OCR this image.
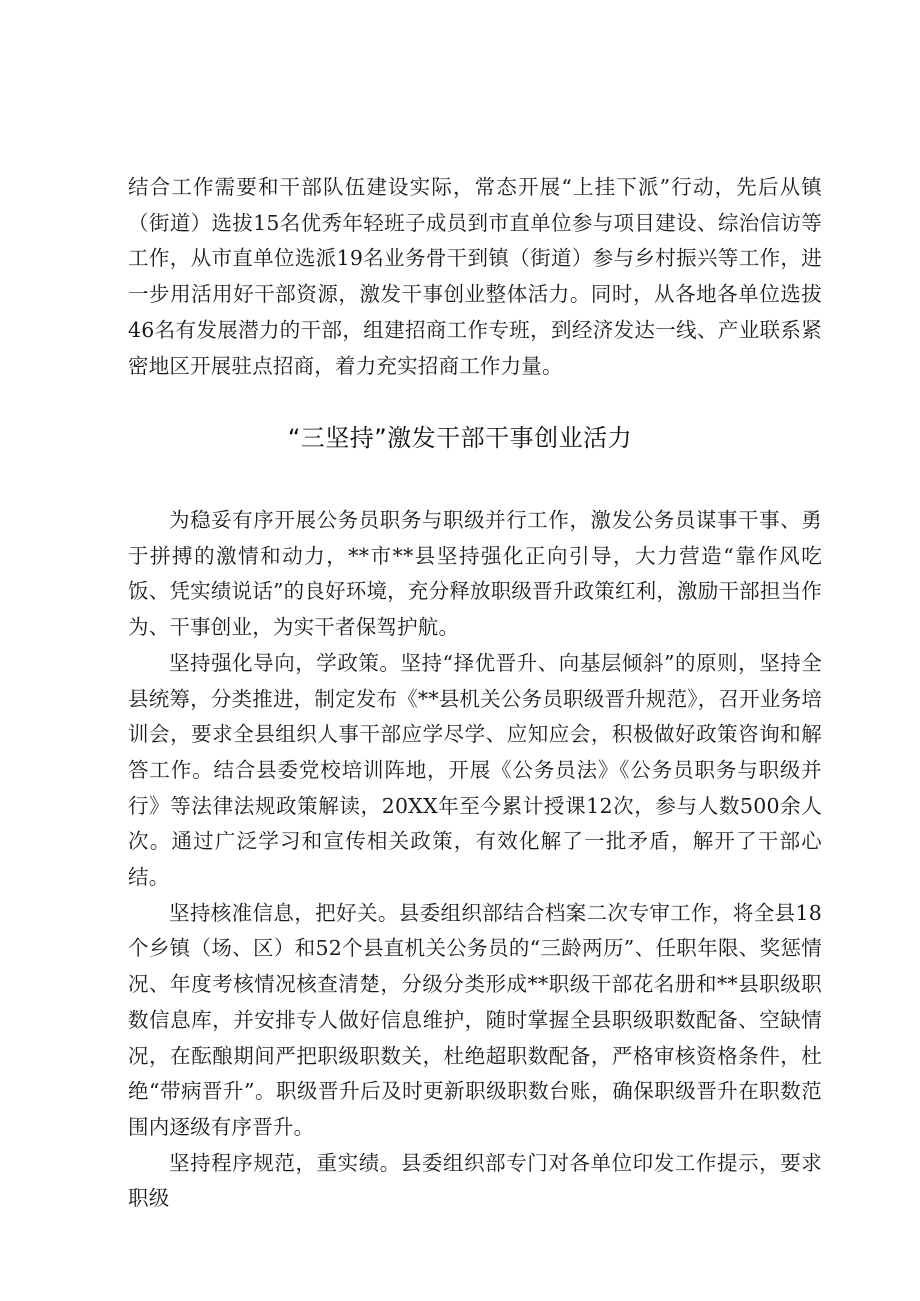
结合工作需要和干部队伍建设实际，常态开展“上挂下派”行动，先后从镇（街道）选拔15名优秀年轻班子成员到市直单位参与项目建设、综治信访等工作，从市直单位选派19名业务骨干到镇（街道）参与乡村振兴等工作，进一步用活用好干部资源，激发干事创业整体活力。同时，从各地各单位选拔46名有发展潜力的干部，组建招商工作专班，到经济发达一线、产业联系紧密地区开展驻点招商，着力充实招商工作力量。

“三坚持”激发干部干事创业活力

为稳妥有序开展公务员职务与职级并行工作，激发公务员谋事干事、勇于拼搏的激情和动力，**市**县坚持强化正向引导，大力营造“靠作风吃饭、凭实绩说话”的良好环境，充分释放职级晋升政策红利，激励干部担当作为、干事创业，为实干者保驾护航。

坚持强化导向，学政策。坚持“择优晋升、向基层倾斜”的原则，坚持全县统筹，分类推进，制定发布《**县机关公务员职级晋升规范》，召开业务培训会，要求全县组织人事干部应学尽学、应知应会，积极做好政策咨询和解答工作。结合县委党校培训阵地，开展《公务员法》《公务员职务与职级并行》等法律法规政策解读，20XX年至今累计授课12次，参与人数500余人次。通过广泛学习和宣传相关政策，有效化解了一批矛盾，解开了干部心结。

坚持核准信息，把好关。县委组织部结合档案二次专审工作，将全县18个乡镇（场、区）和52个县直机关公务员的“三龄两历”、任职年限、奖惩情况、年度考核情况核查清楚，分级分类形成**职级干部花名册和**县职级职数信息库，并安排专人做好信息维护，随时掌握全县职级职数配备、空缺情况，在酝酿期间严把职级职数关，杜绝超职数配备，严格审核资格条件，杜绝“带病晋升”。职级晋升后及时更新职级职数台账，确保职级晋升在职数范围内逐级有序晋升。

坚持程序规范，重实绩。县委组织部专门对各单位印发工作提示，要求职级
